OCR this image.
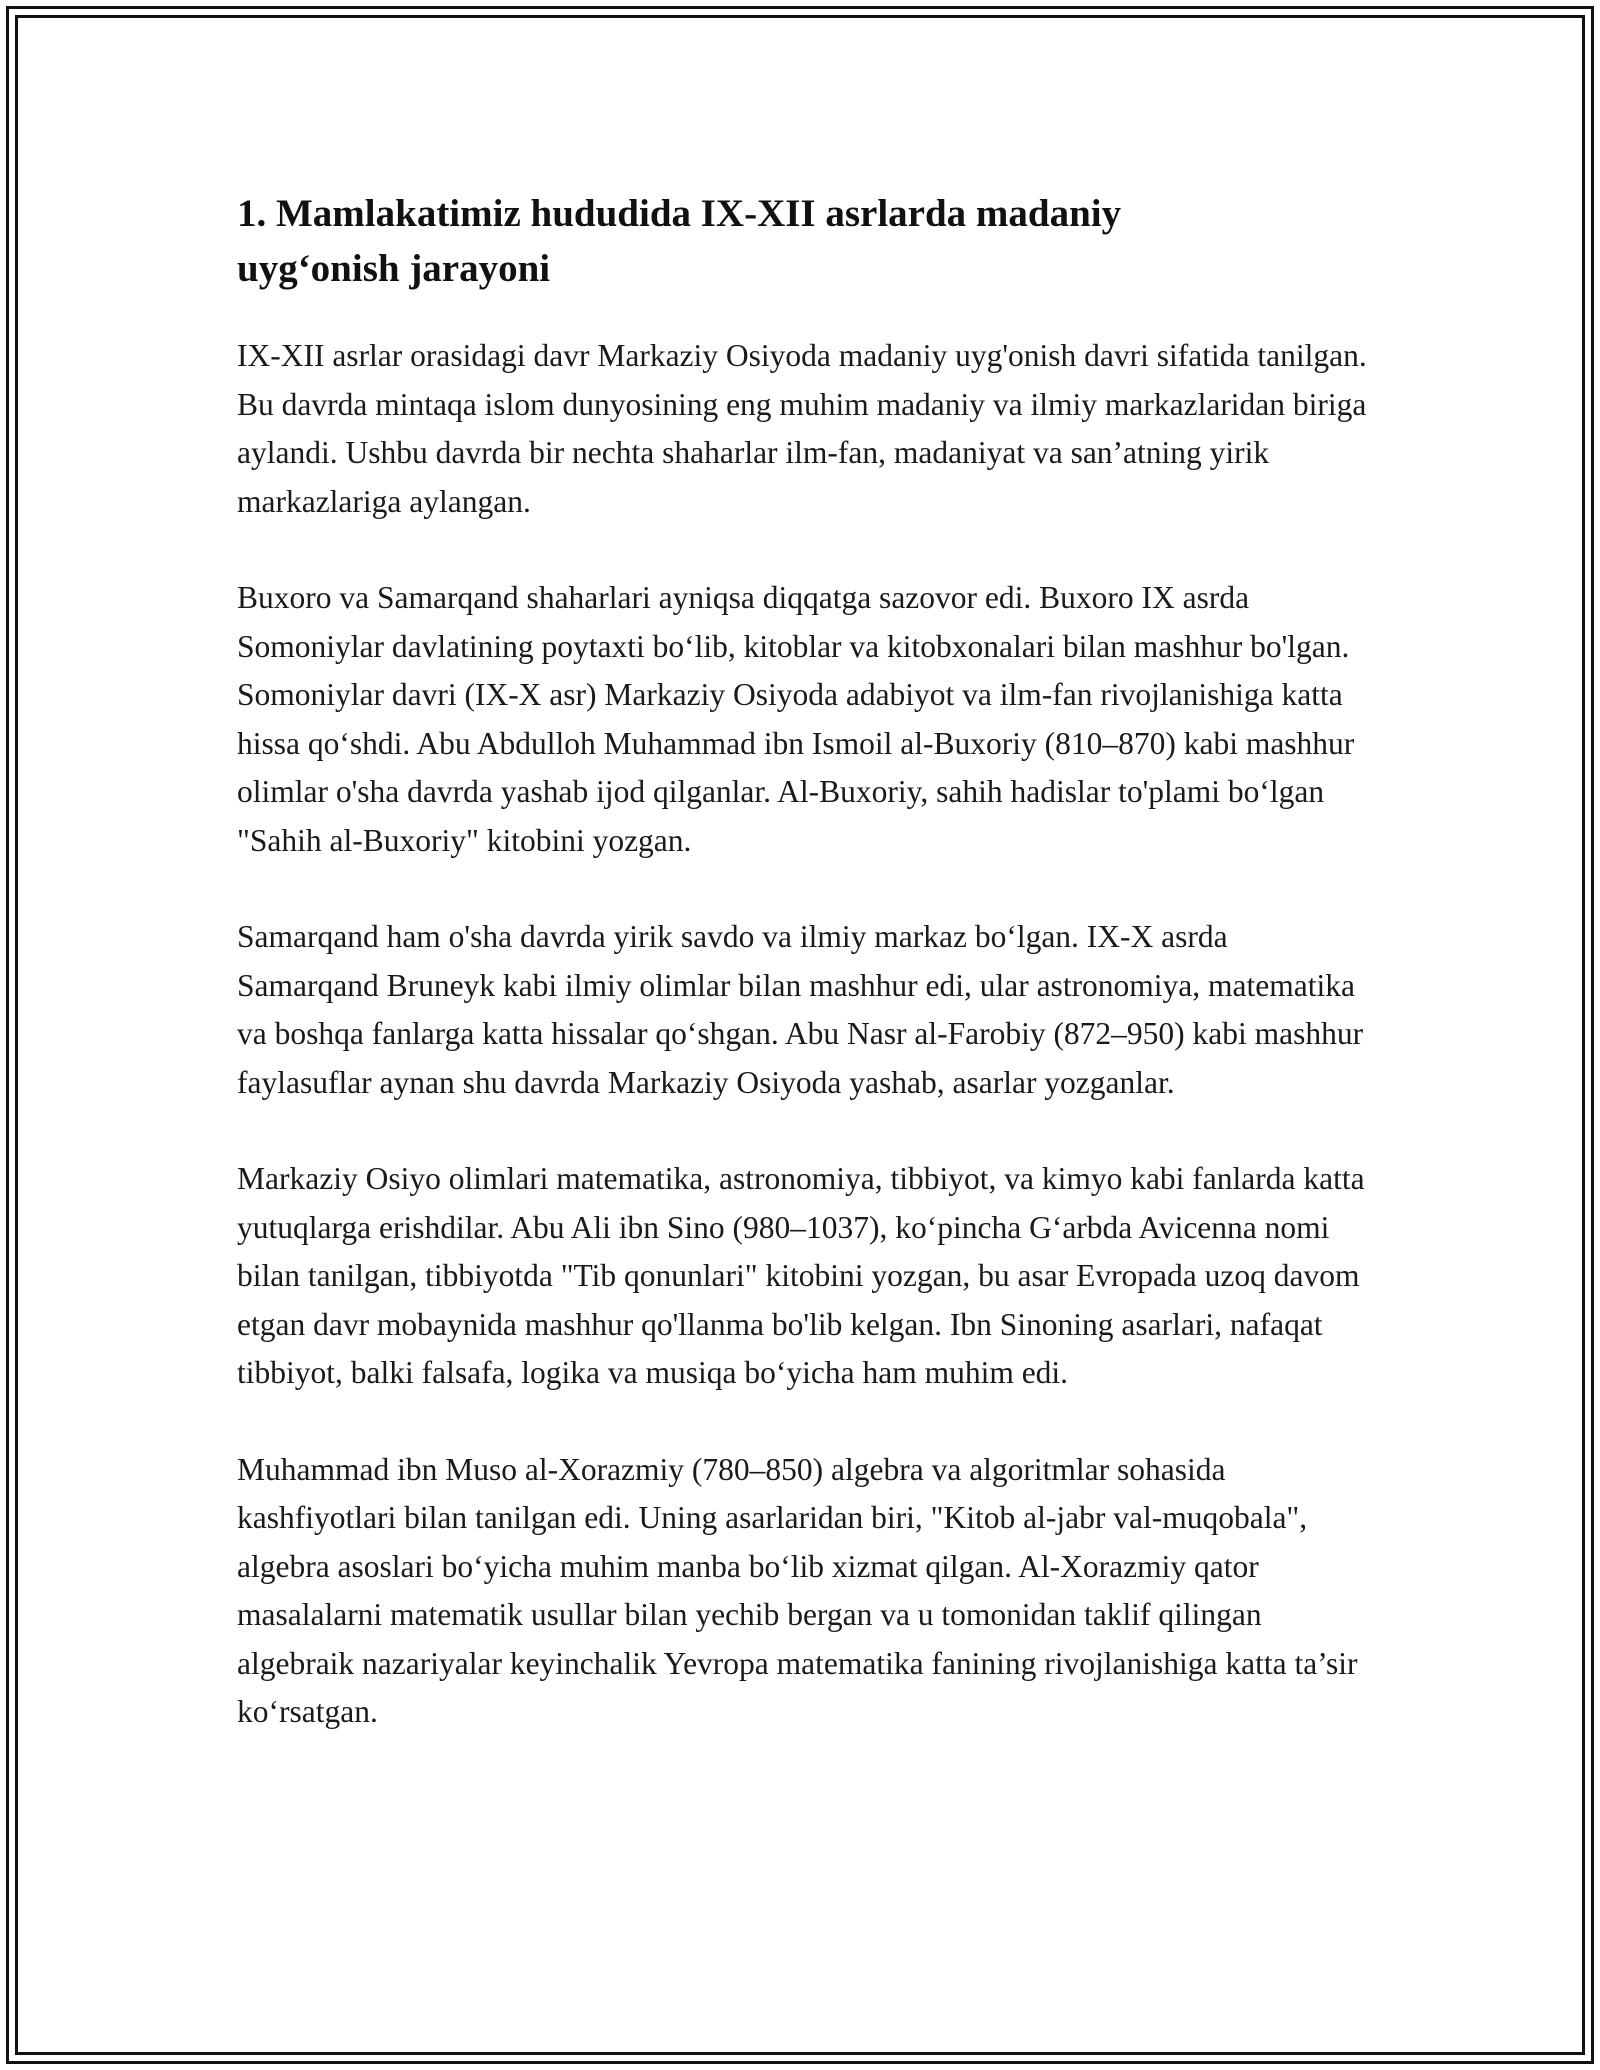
1. Mamlakatimiz hududida IX-XII asrlarda madaniy uyg‘onish jarayoni

IX-XII asrlar orasidagi davr Markaziy Osiyoda madaniy uyg'onish davri sifatida tanilgan. Bu davrda mintaqa islom dunyosining eng muhim madaniy va ilmiy markazlaridan biriga aylandi. Ushbu davrda bir nechta shaharlar ilm-fan, madaniyat va san’atning yirik markazlariga aylangan.

Buxoro va Samarqand shaharlari ayniqsa diqqatga sazovor edi. Buxoro IX asrda Somoniylar davlatining poytaxti bo‘lib, kitoblar va kitobxonalari bilan mashhur bo'lgan. Somoniylar davri (IX-X asr) Markaziy Osiyoda adabiyot va ilm-fan rivojlanishiga katta hissa qo‘shdi. Abu Abdulloh Muhammad ibn Ismoil al-Buxoriy (810–870) kabi mashhur olimlar o'sha davrda yashab ijod qilganlar. Al-Buxoriy, sahih hadislar to'plami bo‘lgan "Sahih al-Buxoriy" kitobini yozgan.

Samarqand ham o'sha davrda yirik savdo va ilmiy markaz bo‘lgan. IX-X asrda Samarqand Bruneyk kabi ilmiy olimlar bilan mashhur edi, ular astronomiya, matematika va boshqa fanlarga katta hissalar qo‘shgan. Abu Nasr al-Farobiy (872–950) kabi mashhur faylasuflar aynan shu davrda Markaziy Osiyoda yashab, asarlar yozganlar.

Markaziy Osiyo olimlari matematika, astronomiya, tibbiyot, va kimyo kabi fanlarda katta yutuqlarga erishdilar. Abu Ali ibn Sino (980–1037), ko‘pincha G‘arbda Avicenna nomi bilan tanilgan, tibbiyotda "Tib qonunlari" kitobini yozgan, bu asar Evropada uzoq davom etgan davr mobaynida mashhur qo'llanma bo'lib kelgan. Ibn Sinoning asarlari, nafaqat tibbiyot, balki falsafa, logika va musiqa bo‘yicha ham muhim edi.

Muhammad ibn Muso al-Xorazmiy (780–850) algebra va algoritmlar sohasida kashfiyotlari bilan tanilgan edi. Uning asarlaridan biri, "Kitob al-jabr val-muqobala", algebra asoslari bo‘yicha muhim manba bo‘lib xizmat qilgan. Al-Xorazmiy qator masalalarni matematik usullar bilan yechib bergan va u tomonidan taklif qilingan algebraik nazariyalar keyinchalik Yevropa matematika fanining rivojlanishiga katta ta’sir ko‘rsatgan.
